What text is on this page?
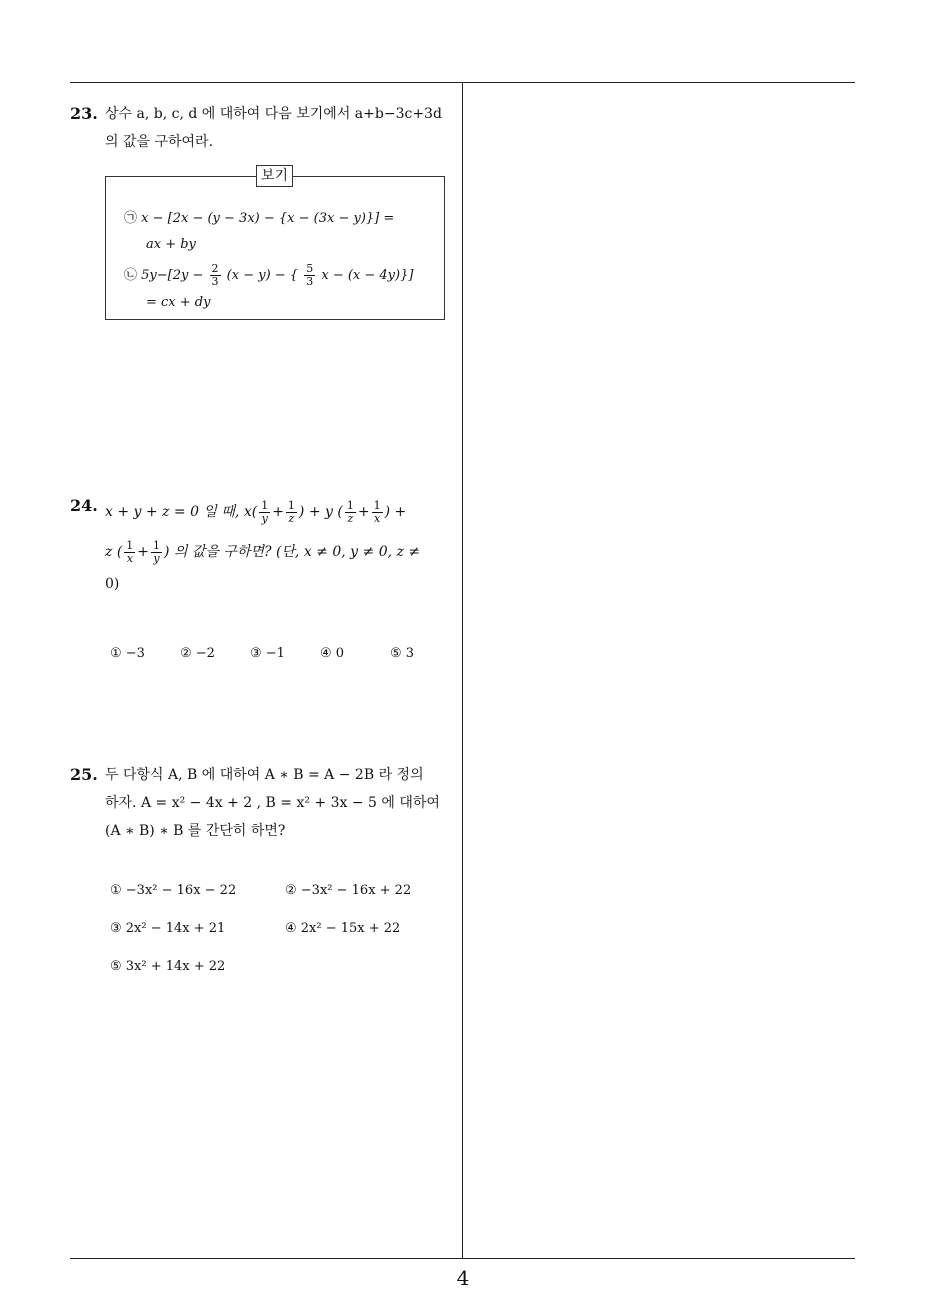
23. 상수 a, b, c, d 에 대하여 다음 보기에서 a+b−3c+3d
의 값을 구하여라.
보기
㉠ x − [2x − (y − 3x) − {x − (3x − y)}] =
ax + by
㉡ $5y-[2y - \frac{2}{3} (x - y)$ − { $\frac{5}{3}$ x − (x − 4y)}]
= cx + dy
24. x + y + z = 0 일 때, $x( \frac{1}{y} + \frac{1}{z}$ ) + y ( $\frac{1}{z} + \frac{1}{x}$ ) +
z ( $\frac{1}{x} + \frac{1}{y}$ ) 의 값을 구하면? (단, x ≠ 0, y ≠ 0, z ≠
0)
① −3	② −2	③ −1	④ 0	⑤ 3
25. 두 다항식 A, B 에 대하여 A ∗ B = A − 2B 라 정의
하자. A = x² − 4x + 2 , B = x² + 3x − 5 에 대하여
(A ∗ B) ∗ B 를 간단히 하면?
① −3x² − 16x − 22	② −3x² − 16x + 22
③ 2x² − 14x + 21	④ 2x² − 15x + 22
⑤ 3x² + 14x + 22
4
